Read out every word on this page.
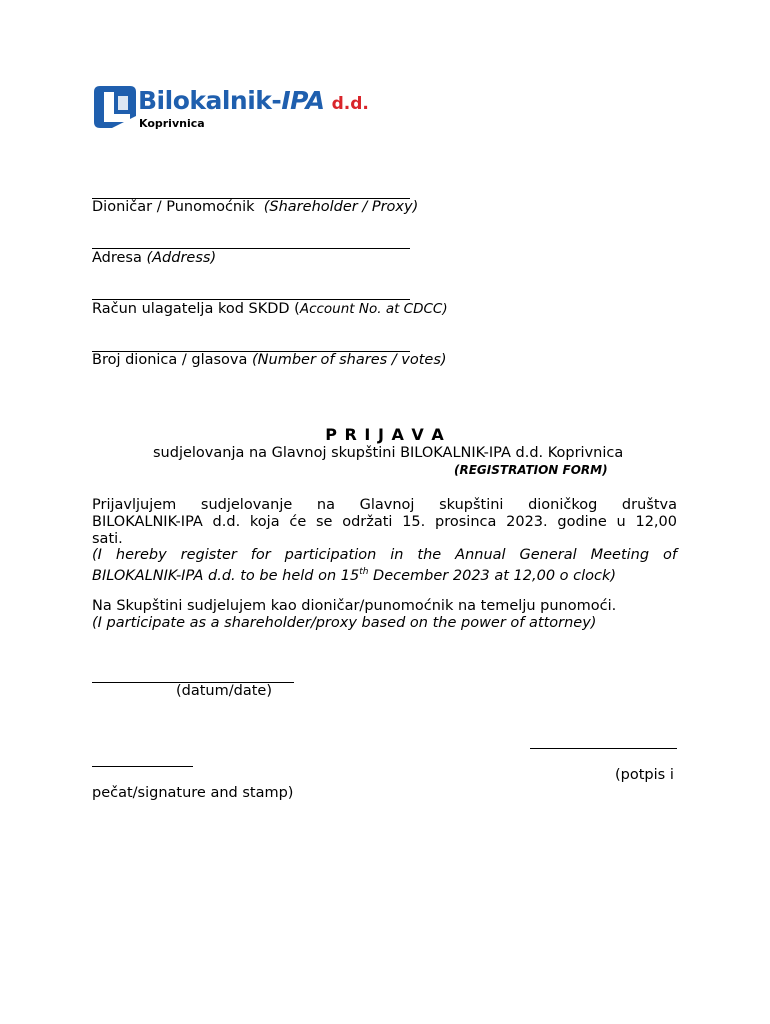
Bilokalnik-IPA d.d.
Koprivnica
Dioničar / Punomoćnik (Shareholder / Proxy)
Adresa (Address)
Račun ulagatelja kod SKDD (Account No. at CDCC)
Broj dionica / glasova (Number of shares / votes)
P R I J A V A
sudjelovanja na Glavnoj skupštini BILOKALNIK-IPA d.d. Koprivnica
(REGISTRATION FORM)
Prijavljujem sudjelovanje na Glavnoj skupštini dioničkog društva
BILOKALNIK-IPA d.d. koja će se održati 15. prosinca 2023. godine u 12,00
sati.
(I hereby register for participation in the Annual General Meeting of
BILOKALNIK-IPA d.d. to be held on 15th December 2023 at 12,00 o clock)
Na Skupštini sudjelujem kao dioničar/punomoćnik na temelju punomoći.
(I participate as a shareholder/proxy based on the power of attorney)
(datum/date)
(potpis i
pečat/signature and stamp)
